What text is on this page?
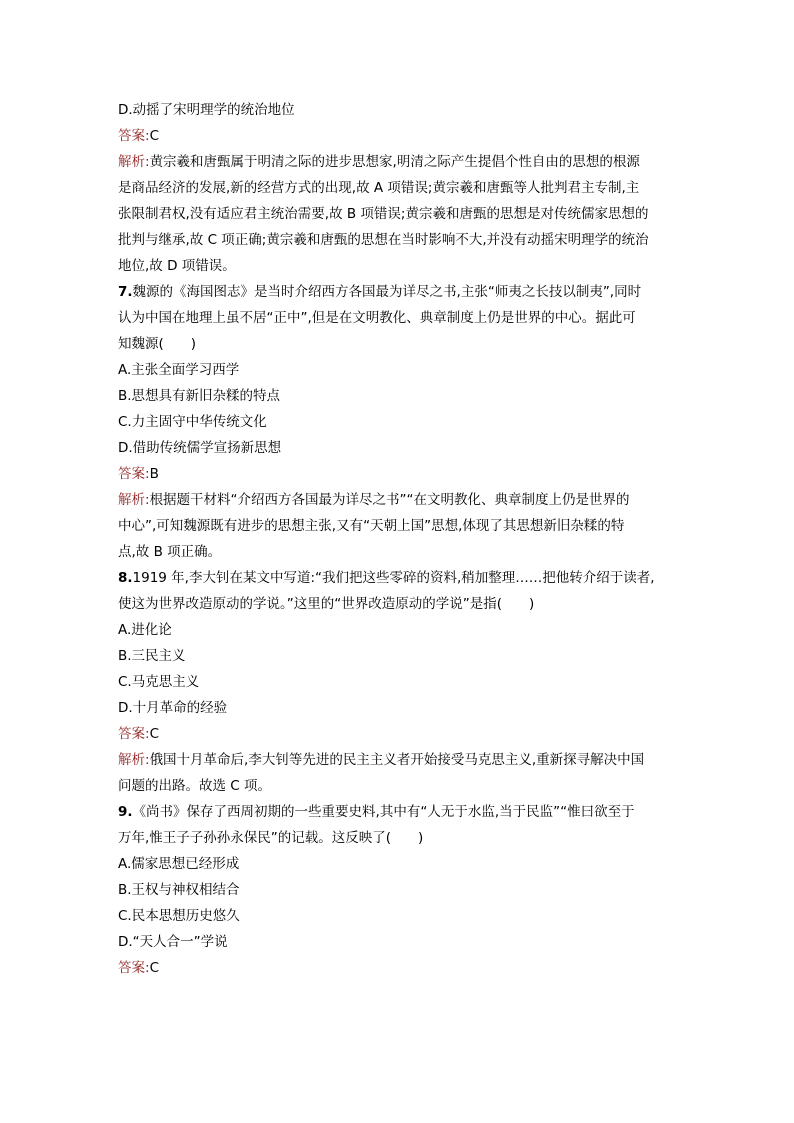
D.动摇了宋明理学的统治地位
答案:C
解析:黄宗羲和唐甄属于明清之际的进步思想家,明清之际产生提倡个性自由的思想的根源
是商品经济的发展,新的经营方式的出现,故 A 项错误;黄宗羲和唐甄等人批判君主专制,主
张限制君权,没有适应君主统治需要,故 B 项错误;黄宗羲和唐甄的思想是对传统儒家思想的
批判与继承,故 C 项正确;黄宗羲和唐甄的思想在当时影响不大,并没有动摇宋明理学的统治
地位,故 D 项错误。
7.魏源的《海国图志》是当时介绍西方各国最为详尽之书,主张“师夷之长技以制夷”,同时
认为中国在地理上虽不居“正中”,但是在文明教化、典章制度上仍是世界的中心。据此可
知魏源(　　)
A.主张全面学习西学
B.思想具有新旧杂糅的特点
C.力主固守中华传统文化
D.借助传统儒学宣扬新思想
答案:B
解析:根据题干材料“介绍西方各国最为详尽之书”“在文明教化、典章制度上仍是世界的
中心”,可知魏源既有进步的思想主张,又有“天朝上国”思想,体现了其思想新旧杂糅的特
点,故 B 项正确。
8.1919 年,李大钊在某文中写道:“我们把这些零碎的资料,稍加整理……把他转介绍于读者,
使这为世界改造原动的学说。”这里的“世界改造原动的学说”是指(　　)
A.进化论
B.三民主义
C.马克思主义
D.十月革命的经验
答案:C
解析:俄国十月革命后,李大钊等先进的民主主义者开始接受马克思主义,重新探寻解决中国
问题的出路。故选 C 项。
9.《尚书》保存了西周初期的一些重要史料,其中有“人无于水监,当于民监”“惟曰欲至于
万年,惟王子子孙孙永保民”的记载。这反映了(　　)
A.儒家思想已经形成
B.王权与神权相结合
C.民本思想历史悠久
D.“天人合一”学说
答案:C
